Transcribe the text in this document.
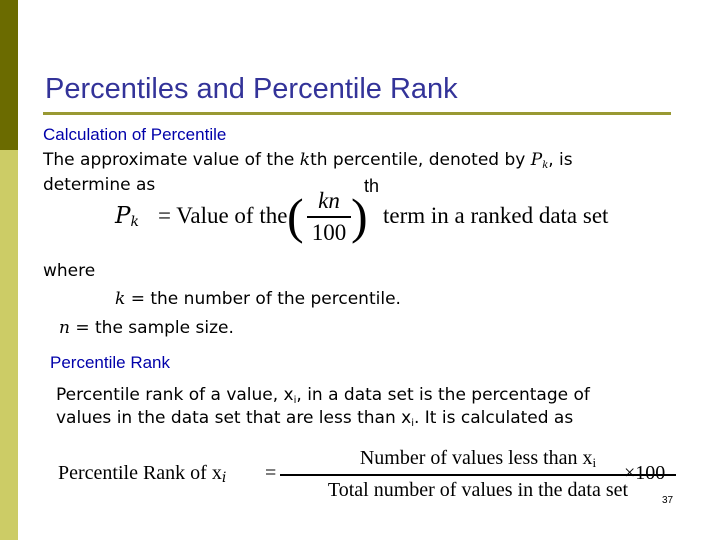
Percentiles and Percentile Rank
Calculation of Percentile
The approximate value of the kth percentile, denoted by $P_k$, is
determine as
$P_k$ = Value of the ( kn
100 )
th
term in a ranked data set
where
k = the number of the percentile.
n = the sample size.
Percentile Rank
Percentile rank of a value, $x_i$, in a data set is the percentage of
values in the data set that are less than $x_i$. It is calculated as
Percentile Rank of $x_i$ =
Number of values less than $x_i$
Total number of values in the data set
×100
37
